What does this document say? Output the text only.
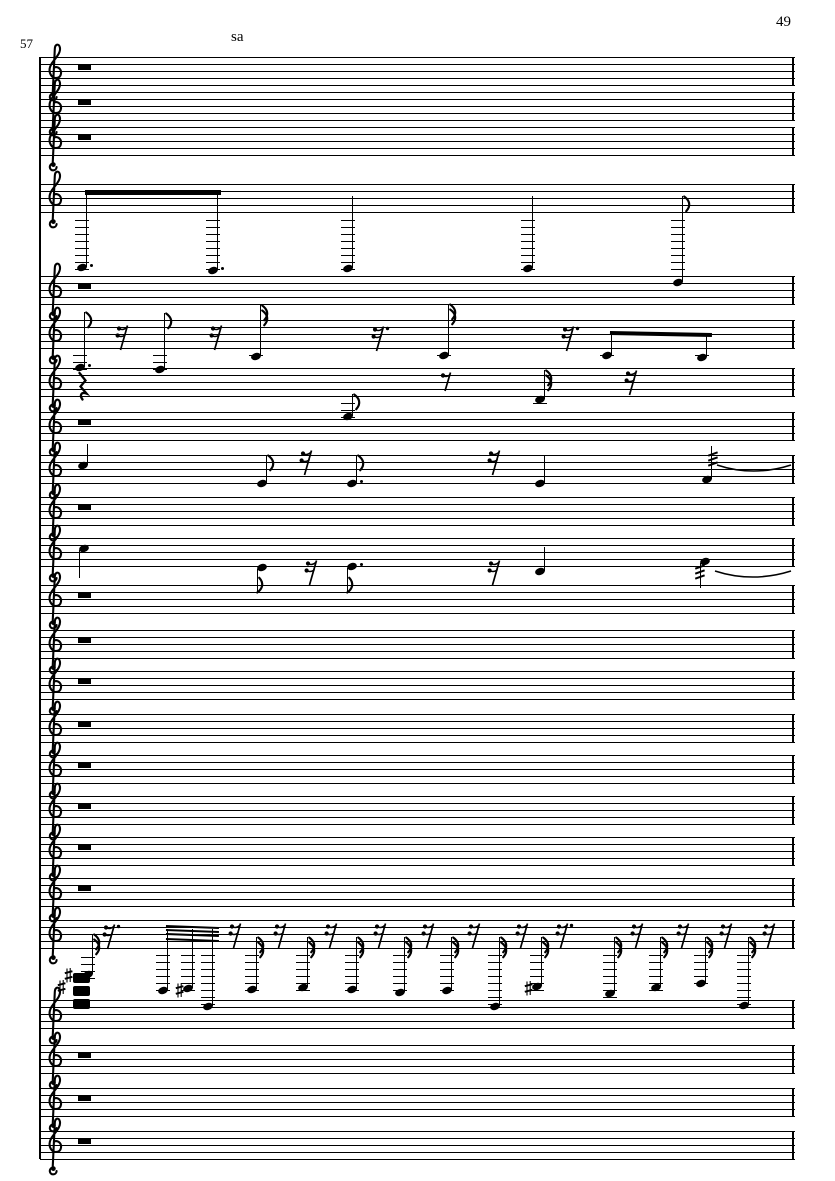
57	sa
49
